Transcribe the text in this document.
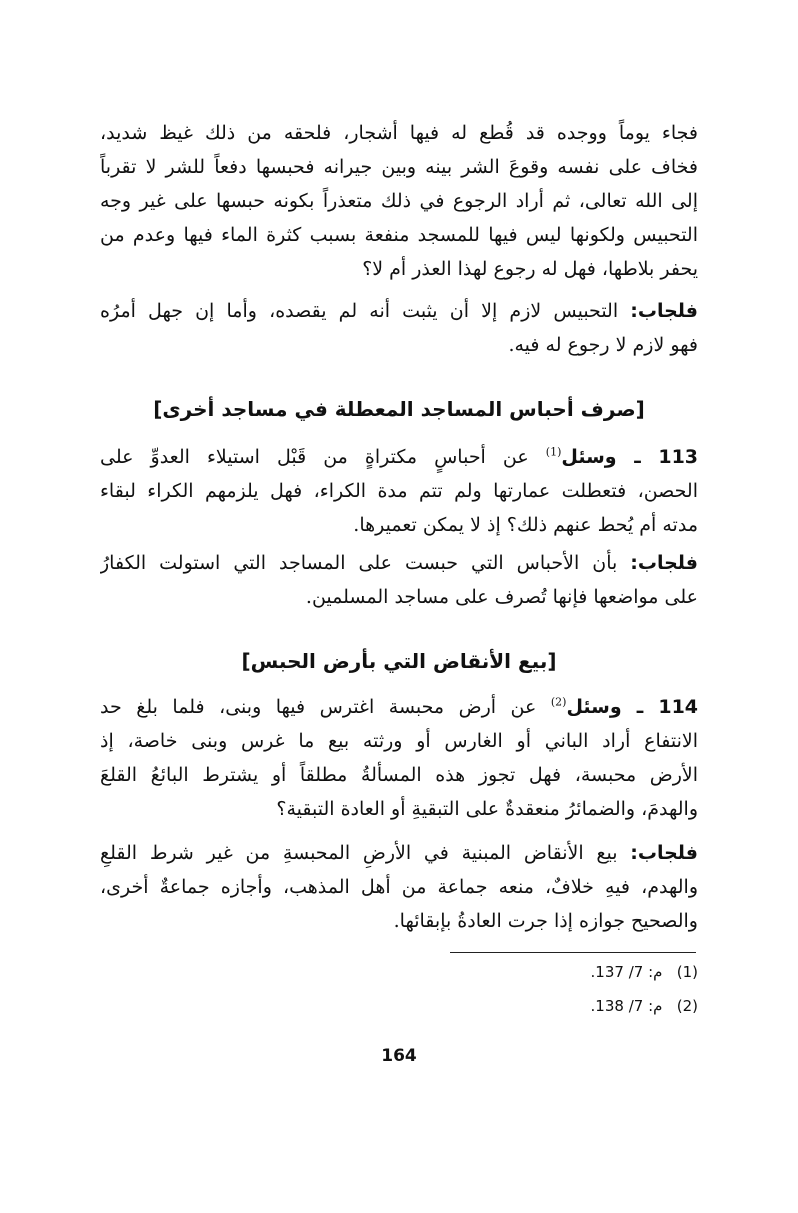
فجاء يوماً ووجده قد قُطع له فيها أشجار، فلحقه من ذلك غيظ شديد،
فخاف على نفسه وقوعَ الشر بينه وبين جيرانه فحبسها دفعاً للشر لا تقرباً
إلى الله تعالى، ثم أراد الرجوع في ذلك متعذراً بكونه حبسها على غير وجه
التحبيس ولكونها ليس فيها للمسجد منفعة بسبب كثرة الماء فيها وعدم من
يحفر بلاطها، فهل له رجوع لهذا العذر أم لا؟
فلجاب: التحبيس لازم إلا أن يثبت أنه لم يقصده، وأما إن جهل أمرُه
فهو لازم لا رجوع له فيه.
[صرف أحباس المساجد المعطلة في مساجد أخرى]
113 ـ وسئل$^{(1)}$ عن أحباسٍ مكتراةٍ من قَبْل استيلاء العدوِّ على
الحصن، فتعطلت عمارتها ولم تتم مدة الكراء، فهل يلزمهم الكراء لبقاء
مدته أم يُحط عنهم ذلك؟ إذ لا يمكن تعميرها.
فلجاب: بأن الأحباس التي حبست على المساجد التي استولت الكفارُ
على مواضعها فإنها تُصرف على مساجد المسلمين.
[بيع الأنقاض التي بأرض الحبس]
114 ـ وسئل$^{(2)}$ عن أرض محبسة اغترس فيها وبنى، فلما بلغ حد
الانتفاع أراد الباني أو الغارس أو ورثته بيع ما غرس وبنى خاصة، إذ
الأرض محبسة، فهل تجوز هذه المسألةُ مطلقاً أو يشترط البائعُ القلعَ
والهدمَ، والضمائرُ منعقدةٌ على التبقيةِ أو العادة التبقية؟
فلجاب: بيع الأنقاض المبنية في الأرضِ المحبسةِ من غير شرط القلعِ
والهدم، فيهِ خلافٌ، منعه جماعة من أهل المذهب، وأجازه جماعةٌ أخرى،
والصحيح جوازه إذا جرت العادةُ بإبقائها.
(1)   م: 7/ 137.
(2)   م: 7/ 138.
164
